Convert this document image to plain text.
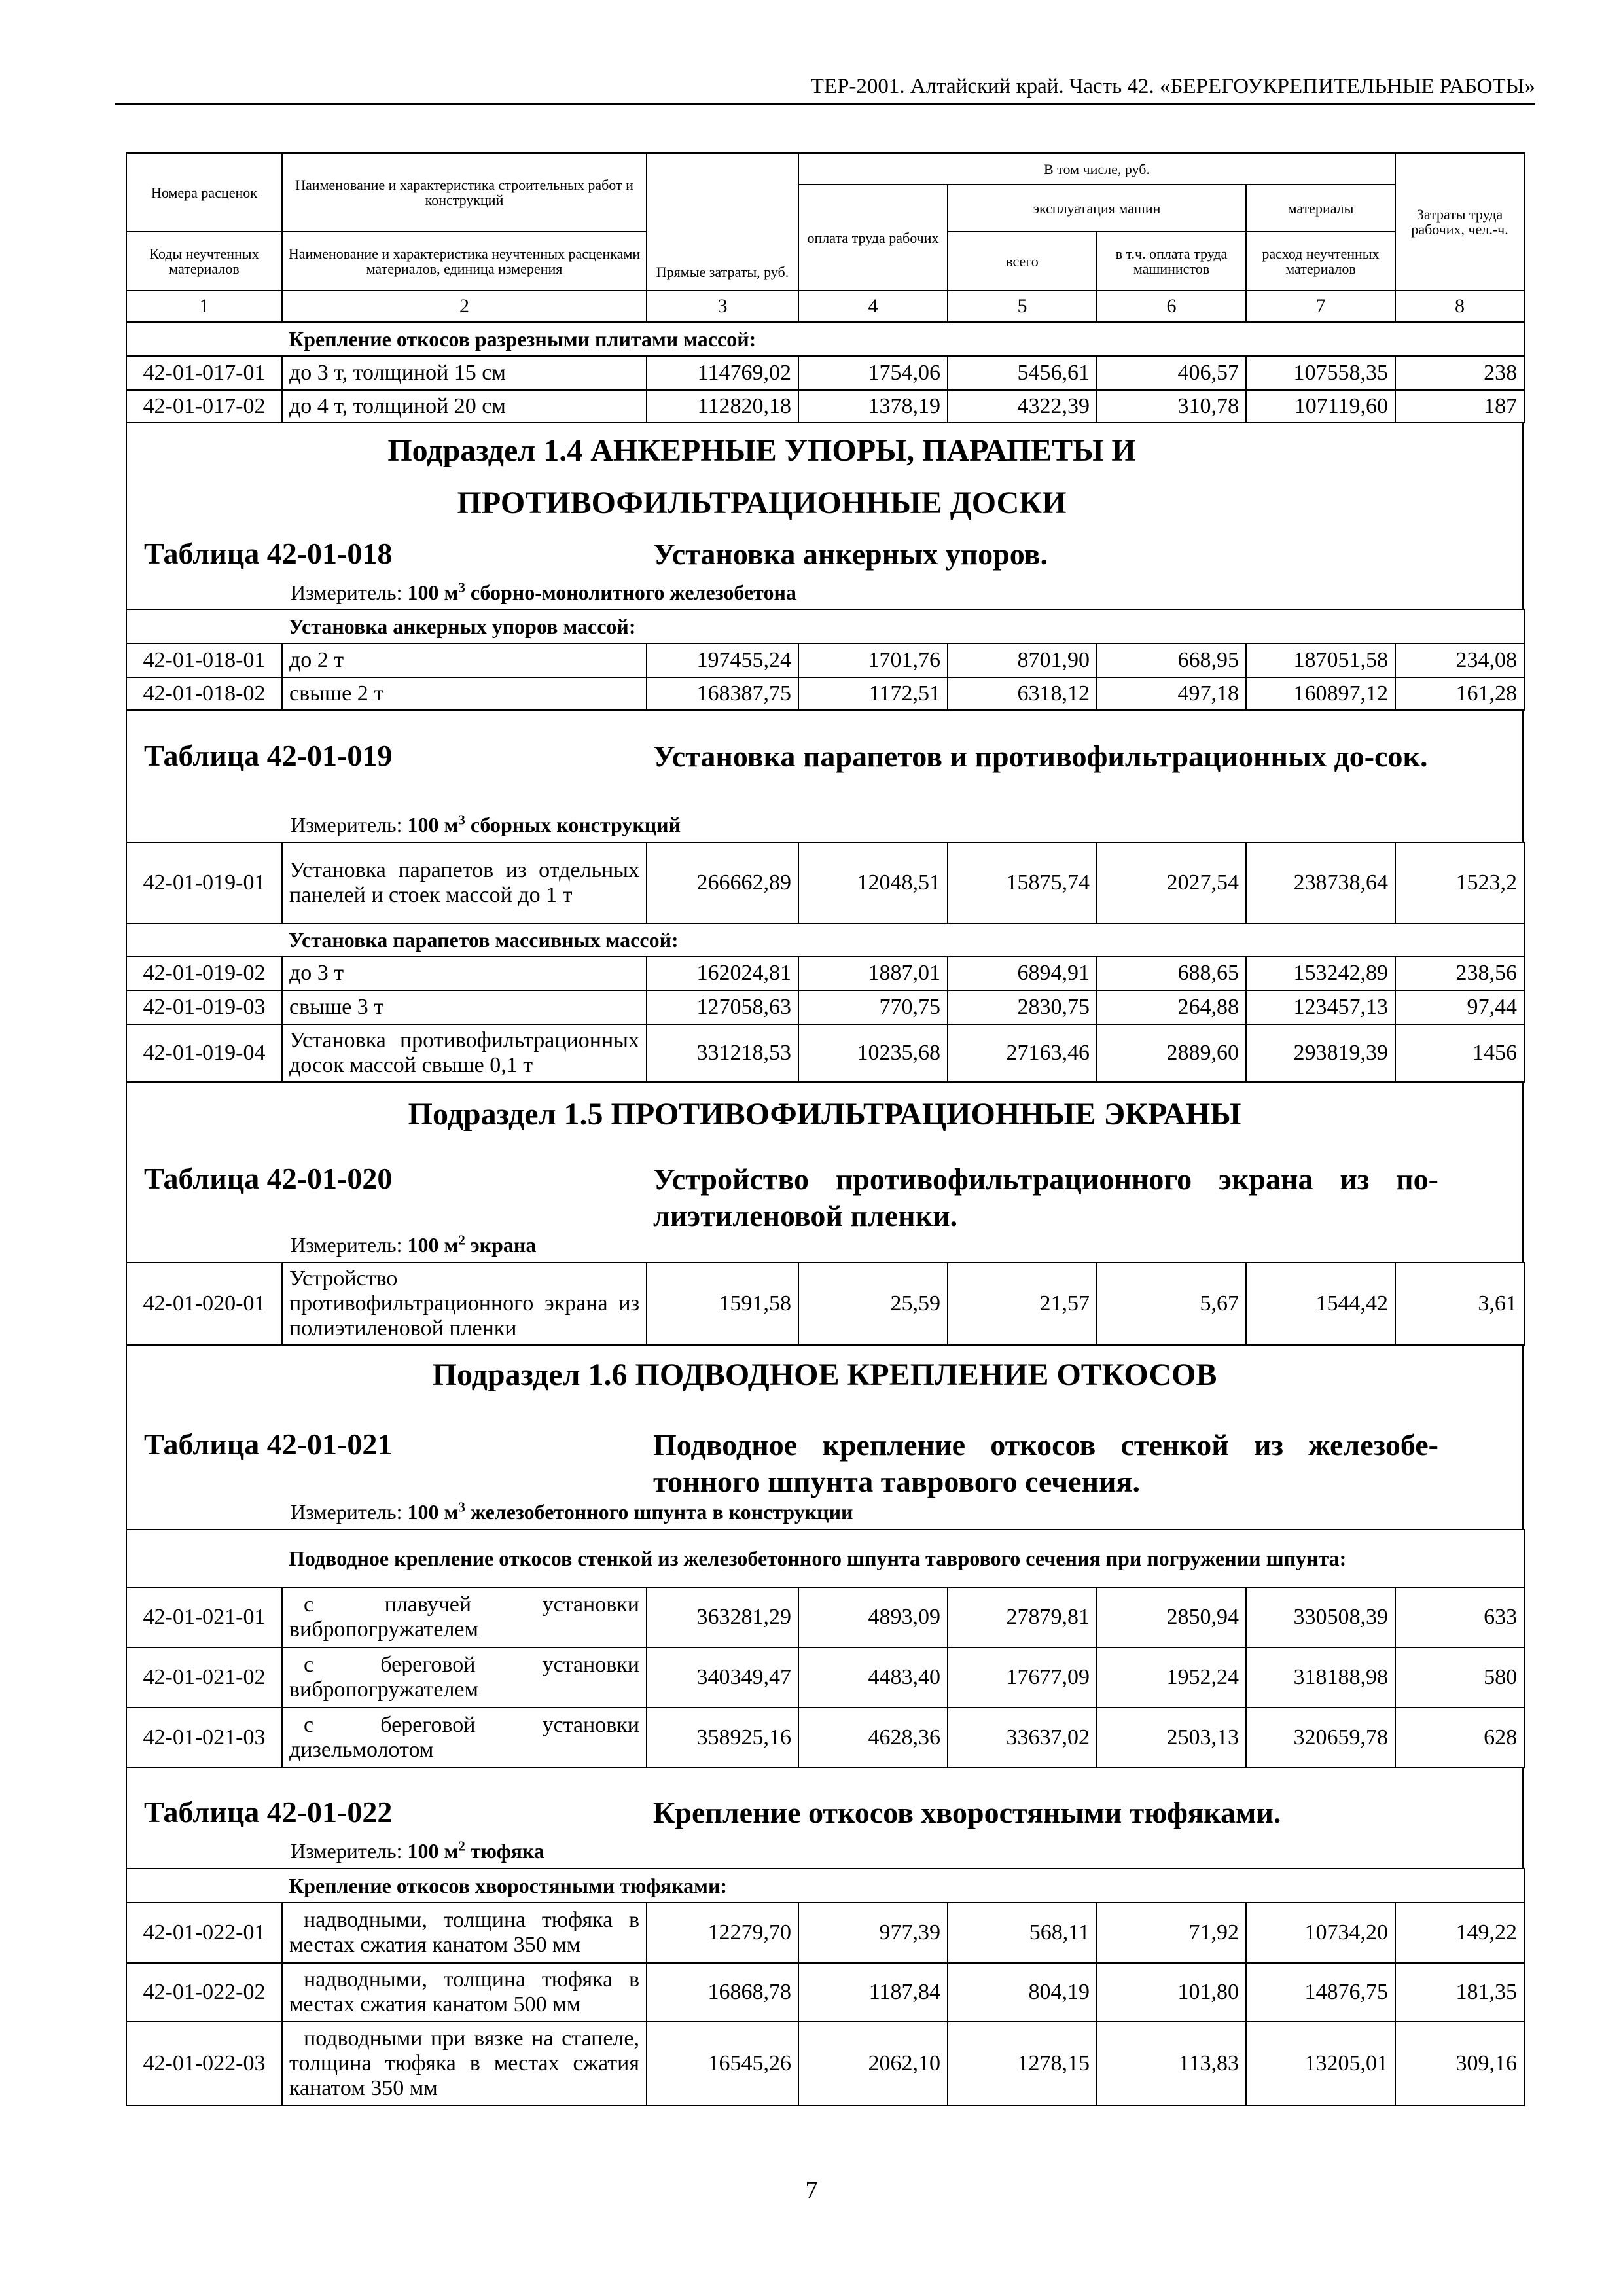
ТЕР-2001. Алтайский край. Часть 42. «БЕРЕГОУКРЕПИТЕЛЬНЫЕ РАБОТЫ»
Номера расценок	Наименование и характеристика строительных работ и конструкций	Прямые затраты, руб.	В том числе, руб.				Затраты труда рабочих, чел.-ч.
			оплата труда рабочих	эксплуатация машин		материалы	
Коды неучтенных материалов	Наименование и характеристика неучтенных расценками материалов, единица измерения			всего	в т.ч. оплата труда машинистов	расход неучтенных материалов	
1	2	3	4	5	6	7	8
	Крепление откосов разрезными плитами массой:						
42-01-017-01	до 3 т, толщиной 15 см	114769,02	1754,06	5456,61	406,57	107558,35	238
42-01-017-02	до 4 т, толщиной 20 см	112820,18	1378,19	4322,39	310,78	107119,60	187
Подраздел 1.4 АНКЕРНЫЕ УПОРЫ, ПАРАПЕТЫ И ПРОТИВОФИЛЬТРАЦИОННЫЕ ДОСКИ
Таблица 42-01-018	Установка анкерных упоров.
Измеритель: 100 $м^3$ сборно-монолитного железобетона
	Установка анкерных упоров массой:						
42-01-018-01	до 2 т	197455,24	1701,76	8701,90	668,95	187051,58	234,08
42-01-018-02	свыше 2 т	168387,75	1172,51	6318,12	497,18	160897,12	161,28
Таблица 42-01-019	Установка парапетов и противофильтрационных до-сок.
Измеритель: 100 $м^3$ сборных конструкций
42-01-019-01	Установка парапетов из отдельных панелей и стоек массой до 1 т	266662,89	12048,51	15875,74	2027,54	238738,64	1523,2
	Установка парапетов массивных массой:						
42-01-019-02	до 3 т	162024,81	1887,01	6894,91	688,65	153242,89	238,56
42-01-019-03	свыше 3 т	127058,63	770,75	2830,75	264,88	123457,13	97,44
42-01-019-04	Установка противофильтрационных досок массой свыше 0,1 т	331218,53	10235,68	27163,46	2889,60	293819,39	1456
Подраздел 1.5 ПРОТИВОФИЛЬТРАЦИОННЫЕ ЭКРАНЫ
Таблица 42-01-020	Устройство противофильтрационного экрана из по-лиэтиленовой пленки.
Измеритель: 100 $м^2$ экрана
42-01-020-01	Устройство противофильтрационного экрана из полиэтиленовой пленки	1591,58	25,59	21,57	5,67	1544,42	3,61
Подраздел 1.6 ПОДВОДНОЕ КРЕПЛЕНИЕ ОТКОСОВ
Таблица 42-01-021	Подводное крепление откосов стенкой из железобе-тонного шпунта таврового сечения.
Измеритель: 100 $м^3$ железобетонного шпунта в конструкции
	Подводное крепление откосов стенкой из железобетонного шпунта таврового сечения при погружении шпунта:						
42-01-021-01	с плавучей установки вибропогружателем	363281,29	4893,09	27879,81	2850,94	330508,39	633
42-01-021-02	с береговой установки вибропогружателем	340349,47	4483,40	17677,09	1952,24	318188,98	580
42-01-021-03	с береговой установки дизельмолотом	358925,16	4628,36	33637,02	2503,13	320659,78	628
Таблица 42-01-022	Крепление откосов хворостяными тюфяками.
Измеритель: 100 $м^2$ тюфяка
	Крепление откосов хворостяными тюфяками:						
42-01-022-01	надводными, толщина тюфяка в местах сжатия канатом 350 мм	12279,70	977,39	568,11	71,92	10734,20	149,22
42-01-022-02	надводными, толщина тюфяка в местах сжатия канатом 500 мм	16868,78	1187,84	804,19	101,80	14876,75	181,35
42-01-022-03	подводными при вязке на стапеле, толщина тюфяка в местах сжатия канатом 350 мм	16545,26	2062,10	1278,15	113,83	13205,01	309,16
7
